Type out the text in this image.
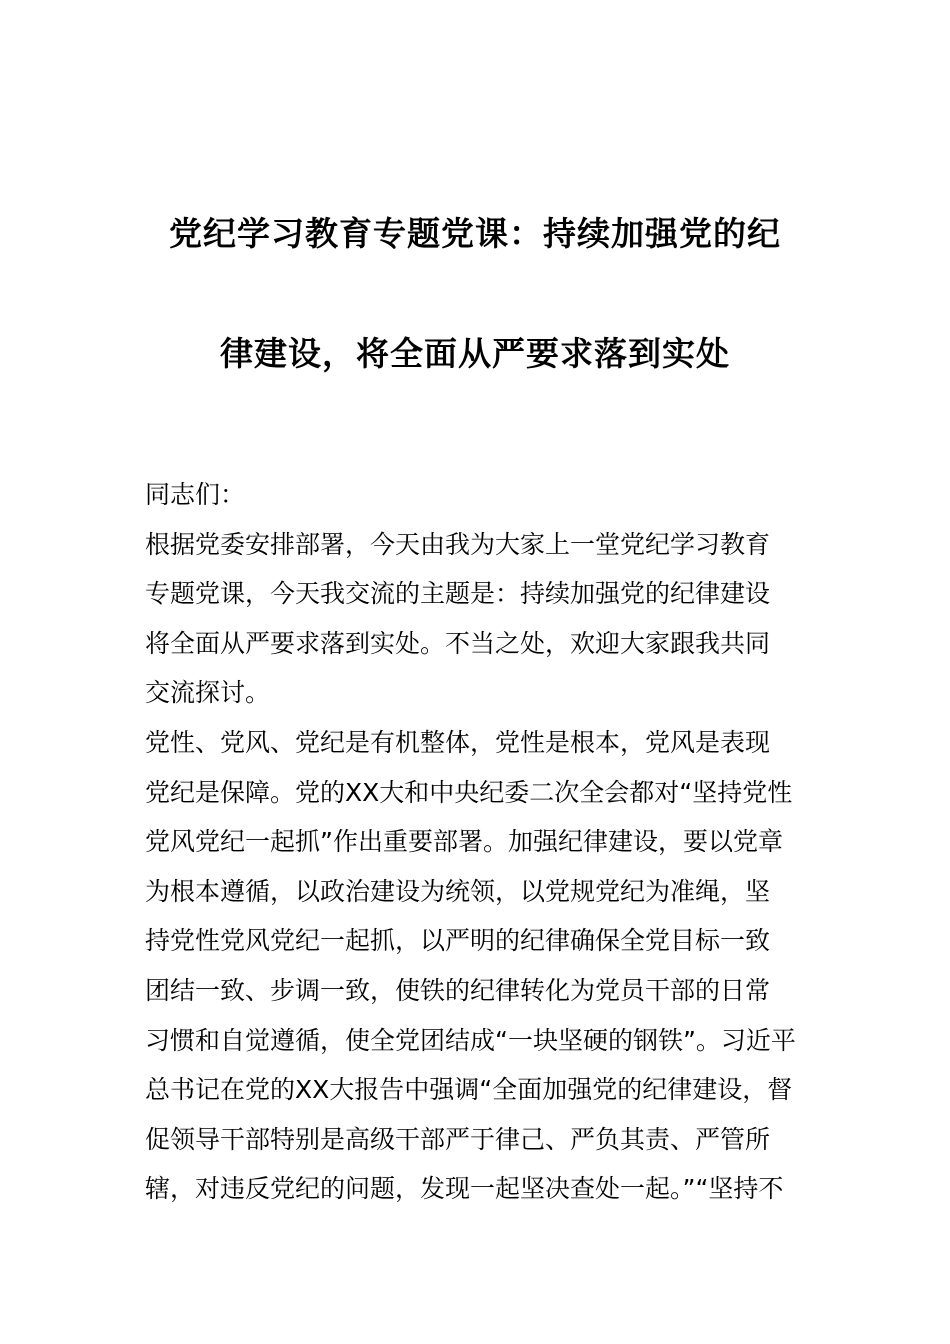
党纪学习教育专题党课：持续加强党的纪
律建设，将全面从严要求落到实处
同志们：
根据党委安排部署，今天由我为大家上一堂党纪学习教育
专题党课，今天我交流的主题是：持续加强党的纪律建设
将全面从严要求落到实处。不当之处，欢迎大家跟我共同
交流探讨。
党性、党风、党纪是有机整体，党性是根本，党风是表现
党纪是保障。党的XX大和中央纪委二次全会都对“坚持党性
党风党纪一起抓”作出重要部署。加强纪律建设，要以党章
为根本遵循，以政治建设为统领，以党规党纪为准绳，坚
持党性党风党纪一起抓，以严明的纪律确保全党目标一致
团结一致、步调一致，使铁的纪律转化为党员干部的日常
习惯和自觉遵循，使全党团结成“一块坚硬的钢铁”。习近平
总书记在党的XX大报告中强调“全面加强党的纪律建设，督
促领导干部特别是高级干部严于律己、严负其责、严管所
辖，对违反党纪的问题，发现一起坚决查处一起。”“坚持不
